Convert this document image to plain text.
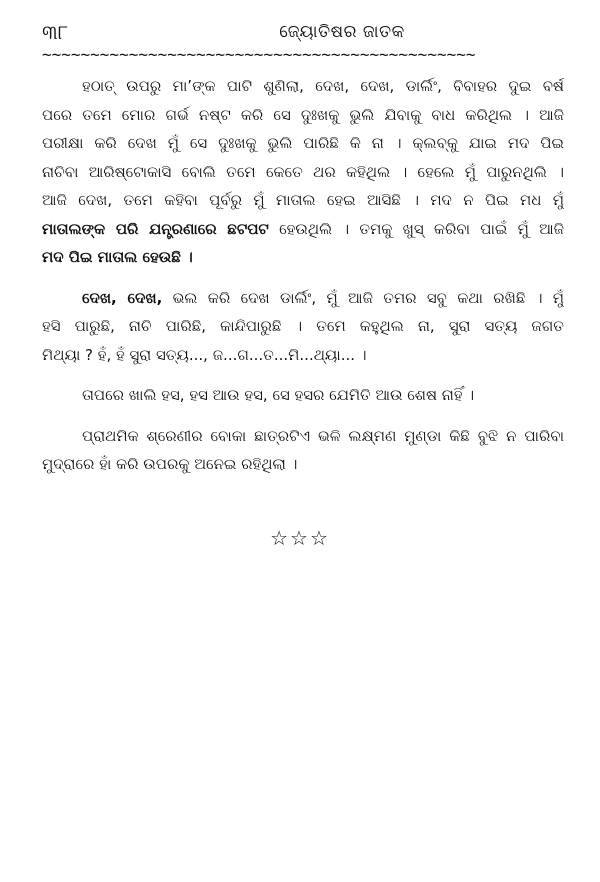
୩୮	ଜ୍ୟୋତିଷର ଜାତକ
~~~~~~~~~~~~~~~~~~~~~~~~~~~~~~~~~~~~~~~~~~~~~

ହଠାତ୍ ଉପରୁ ମା’ଙ୍କ ପାଟି ଶୁଣିଲା, ଦେଖ, ଦେଖ, ଡାର୍ଲିଂ, ବିବାହର ଦୁଇ ବର୍ଷ
ପରେ ତମେ ମୋର ଗର୍ଭ ନଷ୍ଟ କରି ସେ ଦୁଃଖକୁ ଭୁଲି ଯିବାକୁ ବାଧ କରିଥିଲ । ଆଜି
ପରୀକ୍ଷା କରି ଦେଖ ମୁଁ ସେ ଦୁଃଖକୁ ଭୁଲି ପାରିଛି କି ନା । କ୍ଲବ୍‌କୁ ଯାଇ ମଦ ପିଇ
ନାଚିବା ଆରିଷ୍ଟୋକାସି ବୋଲି ତମେ କେତେ ଥର କହିଥିଲ । ହେଲେ ମୁଁ ପାରୁନଥିଲି ।
ଆଜି ଦେଖ, ତମେ କହିବା ପୂର୍ବରୁ ମୁଁ ମାତାଲ ହେଇ ଆସିଛି । ମଦ ନ ପିଇ ମଧ ମୁଁ
ମାତାଲଙ୍କ ପରି ଯନ୍ତ୍ରଣାରେ ଛଟପଟ ହେଉଥିଲି । ତମକୁ ଖୁସ୍ କରିବା ପାଇଁ ମୁଁ ଆଜି
ମଦ ପିଇ ମାତାଲ ହେଉଛି ।

ଦେଖ, ଦେଖ, ଭଲ କରି ଦେଖ ଡାର୍ଲିଂ, ମୁଁ ଆଜି ତମର ସବୁ କଥା ରଖିଛି । ମୁଁ
ହସି ପାରୁଛି, ନାଚି ପାରିଛି, କାନ୍ଦିପାରୁଛି । ତମେ କହୁଥିଲ ନା, ସୁରା ସତ୍ୟ ଜଗତ
ମିଥ୍ୟା ? ହଁ, ହଁ ସୁରା ସତ୍ୟ..., ଜ...ଗ...ତ...ମି...ଥ୍ୟା... ।

ତାପରେ ଖାଲି ହସ, ହସ ଆଉ ହସ, ସେ ହସର ଯେମିତି ଆଉ ଶେଷ ନାହିଁ ।

ପ୍ରାଥମିକ ଶ୍ରେଣୀର ବୋକା ଛାତ୍ରଟିଏ ଭଳି ଲକ୍ଷ୍ମଣ ମୁଣ୍ଡା କିଛି ବୁଝି ନ ପାରିବା
ମୁଦ୍ରାରେ ହାଁ କରି ଉପରକୁ ଅନେଇ ରହିଥିଲା ।

☆☆☆
